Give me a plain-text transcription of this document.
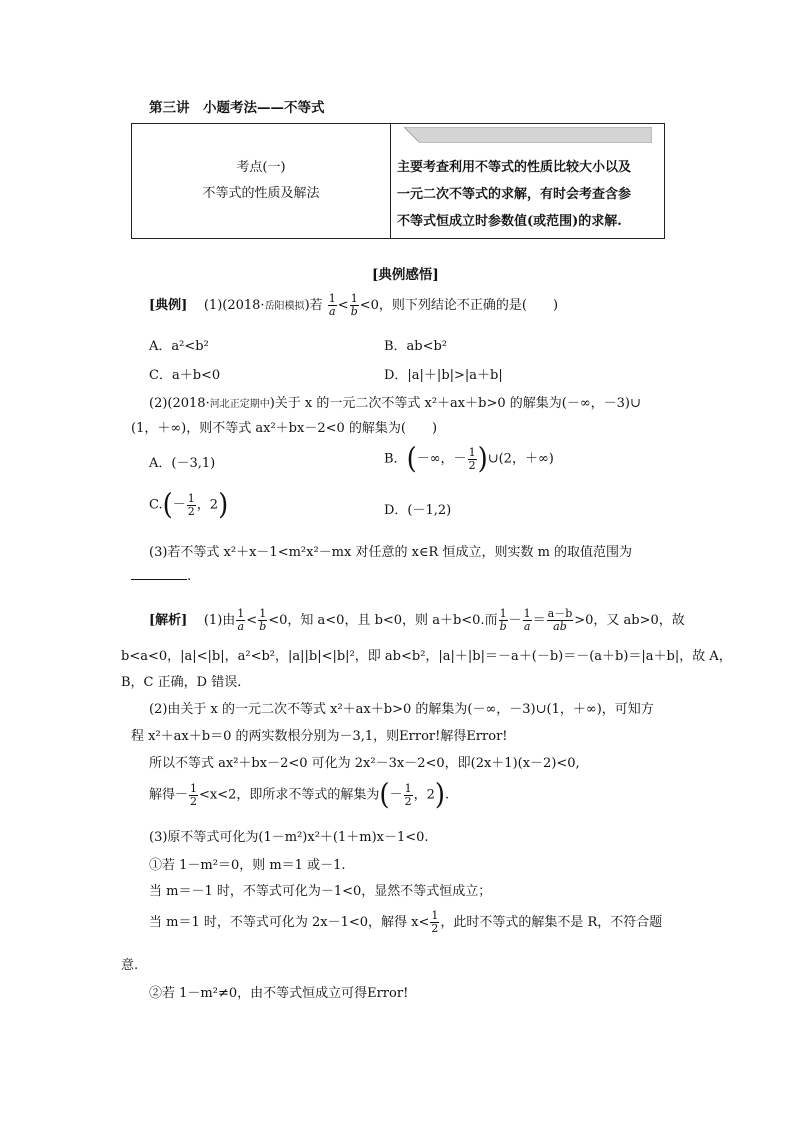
第三讲　小题考法——不等式
考点(一)
不等式的性质及解法
主要考查利用不等式的性质比较大小以及
一元二次不等式的求解，有时会考查含参
不等式恒成立时参数值(或范围)的求解.
[典例感悟]
[典例] (1)(2018·岳阳模拟)若 $\frac{1}{a} < \frac{1}{b} <0$，则下列结论不正确的是(　　)
A．a²<b²	B．ab<b²
C．a＋b<0	D．|a|＋|b|>|a＋b|
(2)(2018·河北正定期中)关于 x 的一元二次不等式 x²＋ax＋b>0 的解集为(－∞，－3)∪
(1，＋∞)，则不等式 ax²＋bx－2<0 的解集为(　　)
A．(－3,1)	B．(－∞，－ $\frac{1}{2}$ )∪(2，＋∞)
$C.(- \frac{1}{2}$ ，2)	D．(－1,2)
(3)若不等式 x²＋x－1<m²x²－mx 对任意的 x∈R 恒成立，则实数 m 的取值范围为
.
[解析] (1)由 $\frac{1}{a} < \frac{1}{b} <0$，知 a<0，且 b<0，则 a＋b<0.而 $\frac{1}{b} - \frac{1}{a} = \frac{a-b}{ab} >0$，又 ab>0，故
b<a<0，|a|<|b|，a²<b²，|a||b|<|b|²，即 ab<b²，|a|＋|b|＝－a＋(－b)＝－(a＋b)＝|a＋b|，故 A，
B，C 正确，D 错误.
(2)由关于 x 的一元二次不等式 x²＋ax＋b>0 的解集为(－∞，－3)∪(1，＋∞)，可知方
程 x²＋ax＋b＝0 的两实数根分别为－3,1，则Error!解得Error!
所以不等式 ax²＋bx－2<0 可化为 2x²－3x－2<0，即(2x＋1)(x－2)<0,
解得－ $\frac{1}{2} <x<2$，即所求不等式的解集为(－ $\frac{1}{2}$ ，2).
(3)原不等式可化为(1－m²)x²＋(1＋m)x－1<0.
①若 1－m²＝0，则 m＝1 或－1.
当 m＝－1 时，不等式可化为－1<0，显然不等式恒成立；
当 m＝1 时，不等式可化为 2x－1<0，解得 $x< \frac{1}{2}$ ，此时不等式的解集不是 R，不符合题
意.
②若 1－m²≠0，由不等式恒成立可得Error!
